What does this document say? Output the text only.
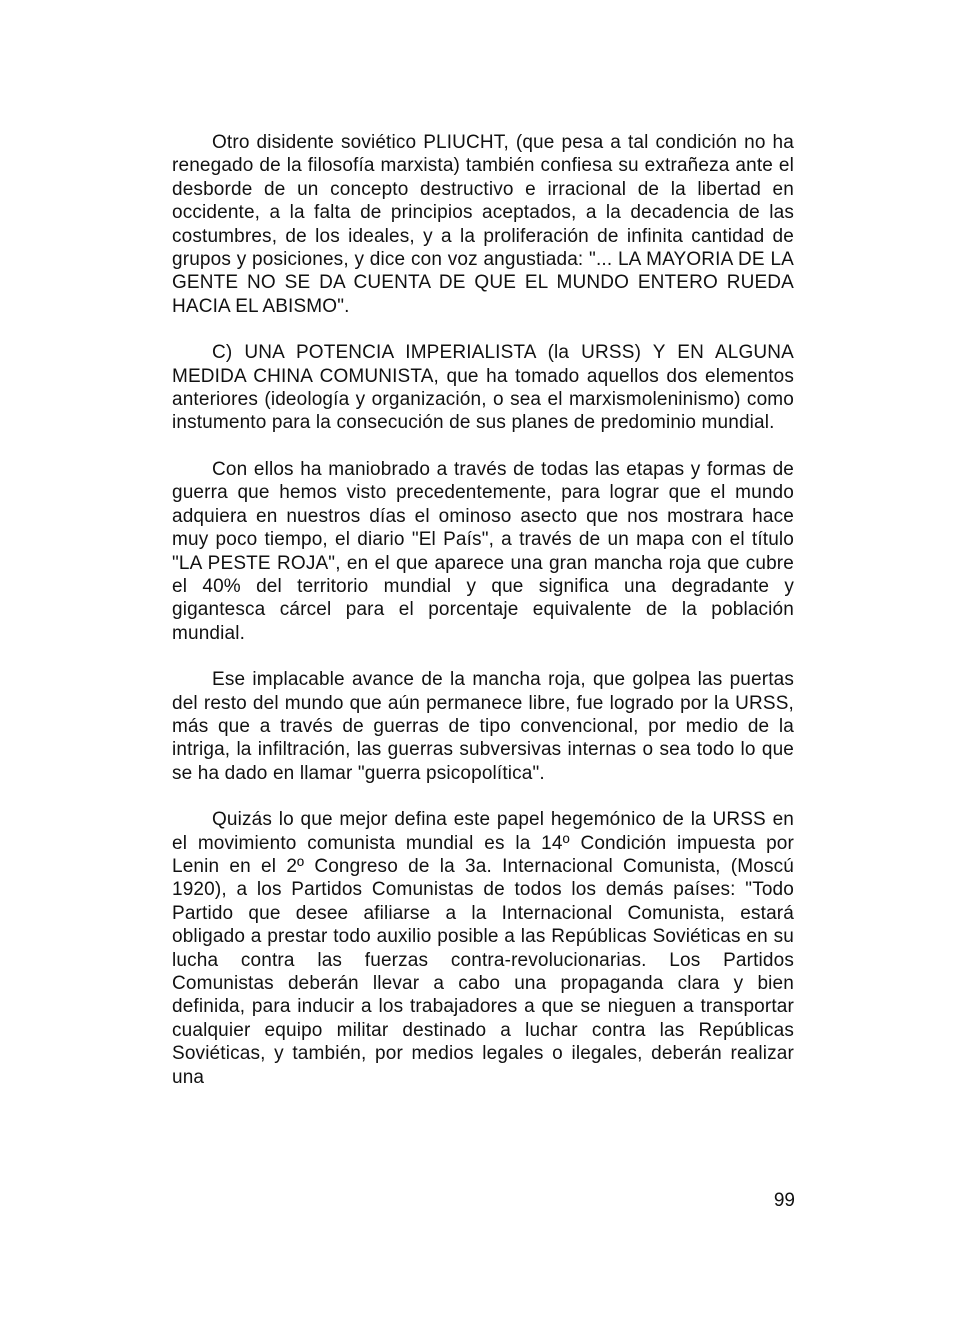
Otro disidente soviético PLIUCHT, (que pesa a tal condición no ha renegado de la filosofía marxista) también confiesa su extrañeza ante el desborde de un concepto destructivo e irracional de la libertad en occidente, a la falta de principios aceptados, a la decadencia de las costumbres, de los ideales, y a la proliferación de infinita cantidad de grupos y posiciones, y dice con voz angustiada: "... LA MAYORIA DE LA GENTE NO SE DA CUENTA DE QUE EL MUNDO ENTERO RUEDA HACIA EL ABISMO".

C) UNA POTENCIA IMPERIALISTA (la URSS) Y EN ALGUNA MEDIDA CHINA COMUNISTA, que ha tomado aquellos dos elementos anteriores (ideología y organización, o sea el marxismoleninismo) como instumento para la consecución de sus planes de predominio mundial.

Con ellos ha maniobrado a través de todas las etapas y formas de guerra que hemos visto precedentemente, para lograr que el mundo adquiera en nuestros días el ominoso asecto que nos mostrara hace muy poco tiempo, el diario "El País", a través de un mapa con el título "LA PESTE ROJA", en el que aparece una gran mancha roja que cubre el 40% del territorio mundial y que significa una degradante y gigantesca cárcel para el porcentaje equivalente de la población mundial.

Ese implacable avance de la mancha roja, que golpea las puertas del resto del mundo que aún permanece libre, fue logrado por la URSS, más que a través de guerras de tipo convencional, por medio de la intriga, la infiltración, las guerras subversivas internas o sea todo lo que se ha dado en llamar "guerra psicopolítica".

Quizás lo que mejor defina este papel hegemónico de la URSS en el movimiento comunista mundial es la 14º Condición impuesta por Lenin en el 2º Congreso de la 3a. Internacional Comunista, (Moscú 1920), a los Partidos Comunistas de todos los demás países: "Todo Partido que desee afiliarse a la Internacional Comunista, estará obligado a prestar todo auxilio posible a las Repúblicas Soviéticas en su lucha contra las fuerzas contra-revolucionarias. Los Partidos Comunistas deberán llevar a cabo una propaganda clara y bien definida, para inducir a los trabajadores a que se nieguen a transportar cualquier equipo militar destinado a luchar contra las Repúblicas Soviéticas, y también, por medios legales o ilegales, deberán realizar una

99
